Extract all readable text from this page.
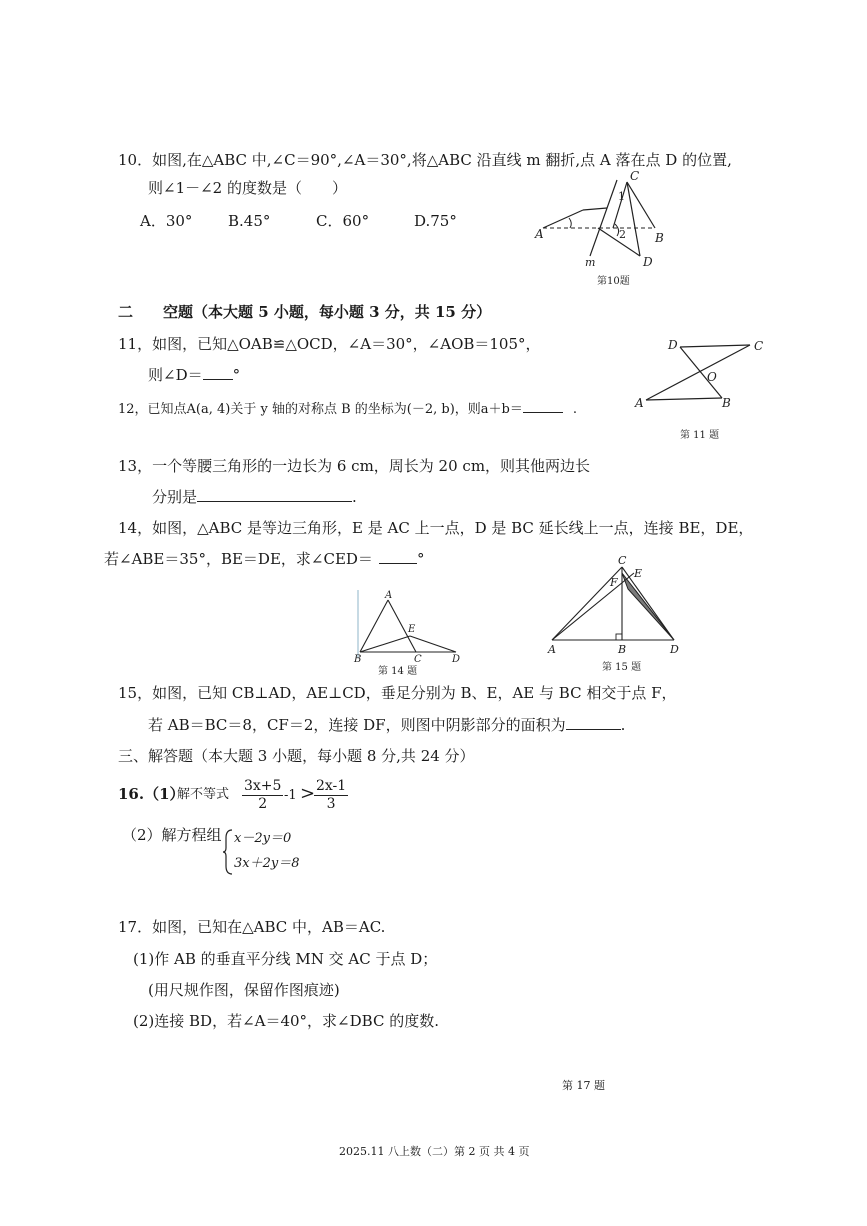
10．如图,在△ABC 中,∠C＝90°,∠A＝30°,将△ABC 沿直线 m 翻折,点 A 落在点 D 的位置,
则∠1－∠2 的度数是（　　）
A．30° B.45°	C．60°	D.75°
A
C
1
2 B
m	D
第10题
二　　空题（本大题 5 小题，每小题 3 分，共 15 分）
11，如图，已知△OAB≌△OCD，∠A＝30°，∠AOB＝105°，
则∠D＝ °
D	C
O
A	B
第 11 题
12，已知点A(a, 4)关于 y 轴的对称点 B 的坐标为(－2, b)，则a＋b＝	.
13，一个等腰三角形的一边长为 6 cm，周长为 20 cm，则其他两边长
分别是	.
14，如图，△ABC 是等边三角形，E 是 AC 上一点，D 是 BC 延长线上一点，连接 BE，DE，
若∠ABE＝35°，BE＝DE，求∠CED＝	°
A
E
B	C	D
第 14 题
C
E
F
A	B	D
第 15 题
15，如图，已知 CB⊥AD，AE⊥CD，垂足分别为 B、E，AE 与 BC 相交于点 F，
若 AB＝BC＝8，CF＝2，连接 DF，则图中阴影部分的面积为	.
三、解答题（本大题 3 小题，每小题 8 分,共 24 分）
16.（1）
解不等式 $\frac{3x+5}{2} -1$ >
$\frac{2x-1}{3}$
（2）解方程组 x－2y＝0
3x＋2y＝8
17．如图，已知在△ABC 中，AB＝AC.
(1)作 AB 的垂直平分线 MN 交 AC 于点 D；
(用尺规作图，保留作图痕迹)
(2)连接 BD，若∠A＝40°，求∠DBC 的度数.
第 17 题
2025.11 八上数（二）第 2 页 共 4 页
